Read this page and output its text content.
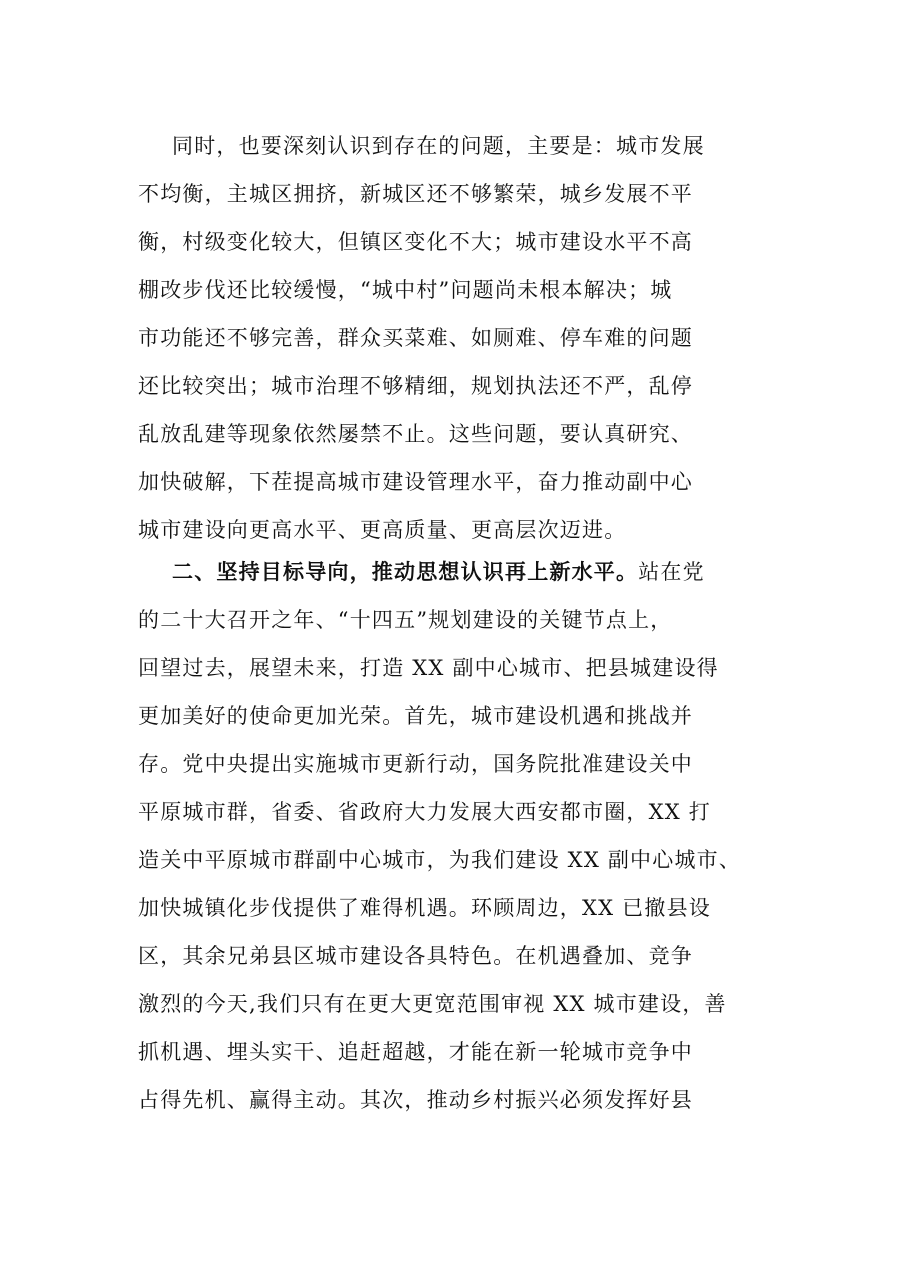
同时，也要深刻认识到存在的问题，主要是：城市发展
不均衡，主城区拥挤，新城区还不够繁荣，城乡发展不平
衡，村级变化较大，但镇区变化不大；城市建设水平不高
棚改步伐还比较缓慢，“城中村”问题尚未根本解决；城
市功能还不够完善，群众买菜难、如厕难、停车难的问题
还比较突出；城市治理不够精细，规划执法还不严，乱停
乱放乱建等现象依然屡禁不止。这些问题，要认真研究、
加快破解，下茬提高城市建设管理水平，奋力推动副中心
城市建设向更高水平、更高质量、更高层次迈进。
二、坚持目标导向，推动思想认识再上新水平。站在党
的二十大召开之年、“十四五”规划建设的关键节点上，
回望过去，展望未来，打造 XX 副中心城市、把县城建设得
更加美好的使命更加光荣。首先，城市建设机遇和挑战并
存。党中央提出实施城市更新行动，国务院批准建设关中
平原城市群，省委、省政府大力发展大西安都市圈，XX 打
造关中平原城市群副中心城市，为我们建设 XX 副中心城市、
加快城镇化步伐提供了难得机遇。环顾周边，XX 已撤县设
区，其余兄弟县区城市建设各具特色。在机遇叠加、竞争
激烈的今天,我们只有在更大更宽范围审视 XX 城市建设，善
抓机遇、埋头实干、追赶超越，才能在新一轮城市竞争中
占得先机、赢得主动。其次，推动乡村振兴必须发挥好县
